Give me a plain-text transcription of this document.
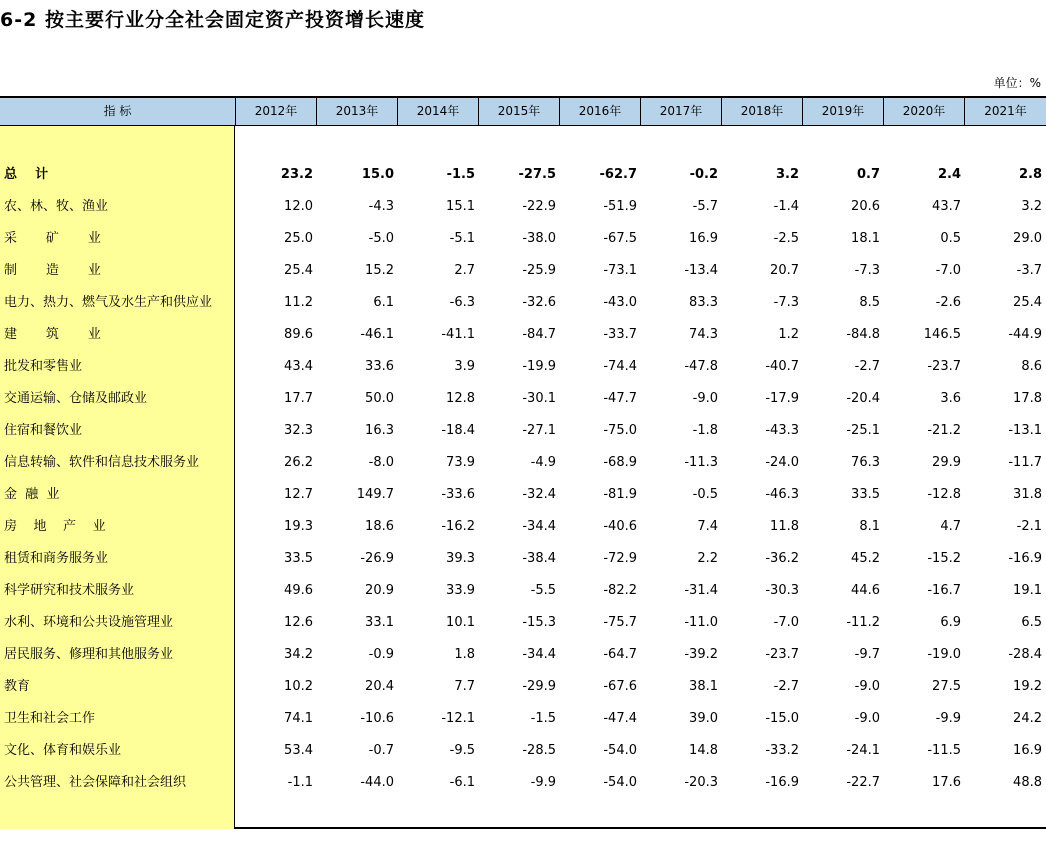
6-2 按主要行业分全社会固定资产投资增长速度
单位：%
指 标	2012年	2013年	2014年	2015年	2016年	2017年	2018年	2019年	2020年	2021年
总    计	23.2	15.0	-1.5	-27.5	-62.7	-0.2	3.2	0.7	2.4	2.8
农、林、牧、渔业	12.0	-4.3	15.1	-22.9	-51.9	-5.7	-1.4	20.6	43.7	3.2
采       矿       业	25.0	-5.0	-5.1	-38.0	-67.5	16.9	-2.5	18.1	0.5	29.0
制       造       业	25.4	15.2	2.7	-25.9	-73.1	-13.4	20.7	-7.3	-7.0	-3.7
电力、热力、燃气及水生产和供应业	11.2	6.1	-6.3	-32.6	-43.0	83.3	-7.3	8.5	-2.6	25.4
建       筑       业	89.6	-46.1	-41.1	-84.7	-33.7	74.3	1.2	-84.8	146.5	-44.9
批发和零售业	43.4	33.6	3.9	-19.9	-74.4	-47.8	-40.7	-2.7	-23.7	8.6
交通运输、仓储及邮政业	17.7	50.0	12.8	-30.1	-47.7	-9.0	-17.9	-20.4	3.6	17.8
住宿和餐饮业	32.3	16.3	-18.4	-27.1	-75.0	-1.8	-43.3	-25.1	-21.2	-13.1
信息转输、软件和信息技术服务业	26.2	-8.0	73.9	-4.9	-68.9	-11.3	-24.0	76.3	29.9	-11.7
金  融  业	12.7	149.7	-33.6	-32.4	-81.9	-0.5	-46.3	33.5	-12.8	31.8
房    地    产    业	19.3	18.6	-16.2	-34.4	-40.6	7.4	11.8	8.1	4.7	-2.1
租赁和商务服务业	33.5	-26.9	39.3	-38.4	-72.9	2.2	-36.2	45.2	-15.2	-16.9
科学研究和技术服务业	49.6	20.9	33.9	-5.5	-82.2	-31.4	-30.3	44.6	-16.7	19.1
水利、环境和公共设施管理业	12.6	33.1	10.1	-15.3	-75.7	-11.0	-7.0	-11.2	6.9	6.5
居民服务、修理和其他服务业	34.2	-0.9	1.8	-34.4	-64.7	-39.2	-23.7	-9.7	-19.0	-28.4
教育	10.2	20.4	7.7	-29.9	-67.6	38.1	-2.7	-9.0	27.5	19.2
卫生和社会工作	74.1	-10.6	-12.1	-1.5	-47.4	39.0	-15.0	-9.0	-9.9	24.2
文化、体育和娱乐业	53.4	-0.7	-9.5	-28.5	-54.0	14.8	-33.2	-24.1	-11.5	16.9
公共管理、社会保障和社会组织	-1.1	-44.0	-6.1	-9.9	-54.0	-20.3	-16.9	-22.7	17.6	48.8
